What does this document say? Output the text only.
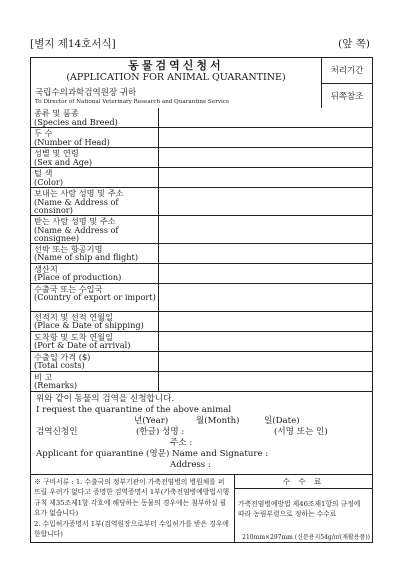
[별지 제14호서식]	(앞 쪽)
동물검역신청서
(APPLICATION FOR ANIMAL QUARANTINE)
국립수의과학검역원장 귀하
To Director of National Veterinary Research and Quarantine Service
처리기간
뒤쪽참조
종류 및 품종
(Species and Breed)
두 수
(Number of Head)
성별 및 연령
(Sex and Age)
털 색
(Color)
보내는 사람 성명 및 주소
(Name & Address of consinor)
받는 사람 성명 및 주소
(Name & Address of consignee)
선박 또는 항공기명
(Name of ship and flight)
생산지
(Place of production)
수출국 또는 수입국
(Country of export or import)
선적지 및 선적 연월일
(Place & Date of shipping)
도착항 및 도착 연월일
(Port & Date of arrival)
수출입 가격 ($)
(Total costs)
비 고
(Remarks)
위와 같이 동물의 검역을 신청합니다.
I request the quarantine of the above animal
년(Year)	월(Month)	일(Date)
검역신청인	(한글) 성명 :	(서명 또는 인)
주소 :
Applicant for quarantine (영문) Name and Signature :
Address :
※ 구비서류 : 1. 수출국의 정부기관이 가축전염병의 병원체를 퍼뜨릴 우려가 없다고 증명한 검역증명서 1부(가축전염병예방법시행규칙 제35조제1항 각호에 해당하는 동물의 경우에는 첨부하실 필요가 없습니다)
2. 수입허가증명서 1부(검역원장으로부터 수입허가를 받은 경우에 한합니다)
수 수 료
가축전염병예방법 제46조제1항의 규정에 따라 농림부령으로 정하는 수수료
210mm×297mm (신문용지54g/㎡(재활용품))
